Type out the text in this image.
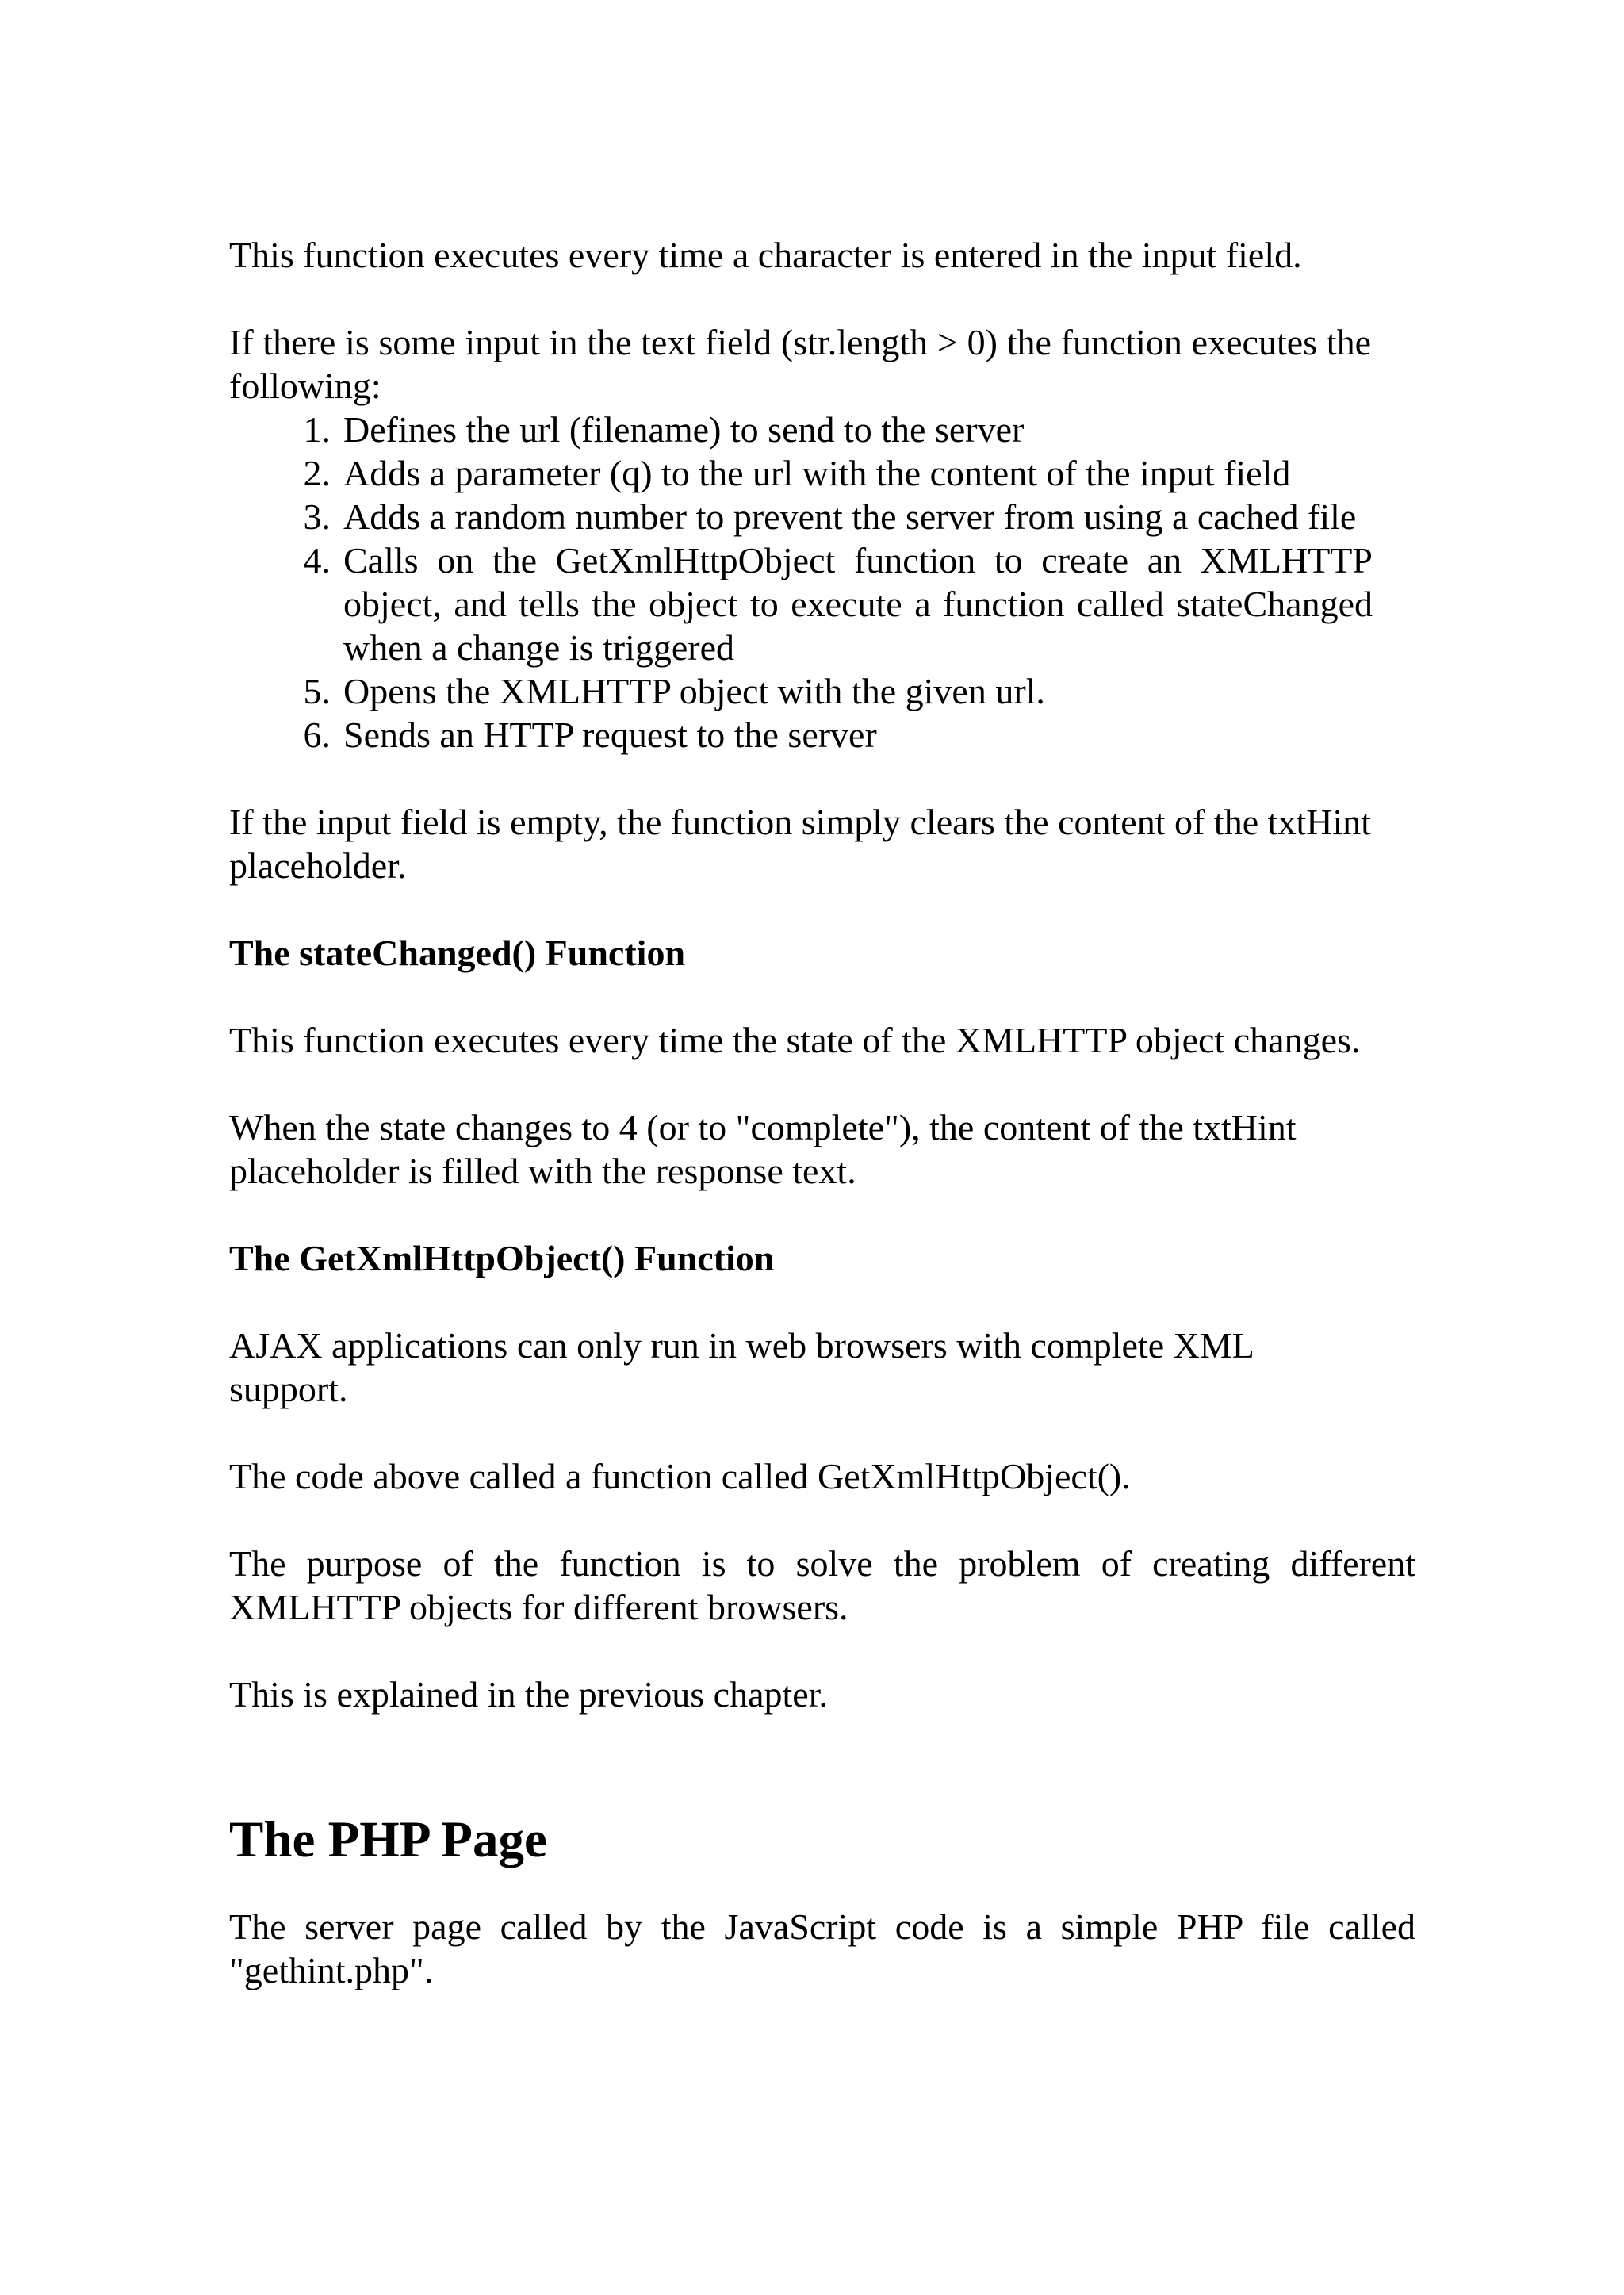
This function executes every time a character is entered in the input field.

If there is some input in the text field (str.length > 0) the function executes the following:

1. Defines the url (filename) to send to the server
2. Adds a parameter (q) to the url with the content of the input field
3. Adds a random number to prevent the server from using a cached file
4. Calls on the GetXmlHttpObject function to create an XMLHTTP object, and tells the object to execute a function called stateChanged when a change is triggered
5. Opens the XMLHTTP object with the given url.
6. Sends an HTTP request to the server

If the input field is empty, the function simply clears the content of the txtHint placeholder.

The stateChanged() Function

This function executes every time the state of the XMLHTTP object changes.

When the state changes to 4 (or to "complete"), the content of the txtHint placeholder is filled with the response text.

The GetXmlHttpObject() Function

AJAX applications can only run in web browsers with complete XML support.

The code above called a function called GetXmlHttpObject().

The purpose of the function is to solve the problem of creating different XMLHTTP objects for different browsers.

This is explained in the previous chapter.

The PHP Page

The server page called by the JavaScript code is a simple PHP file called "gethint.php".
